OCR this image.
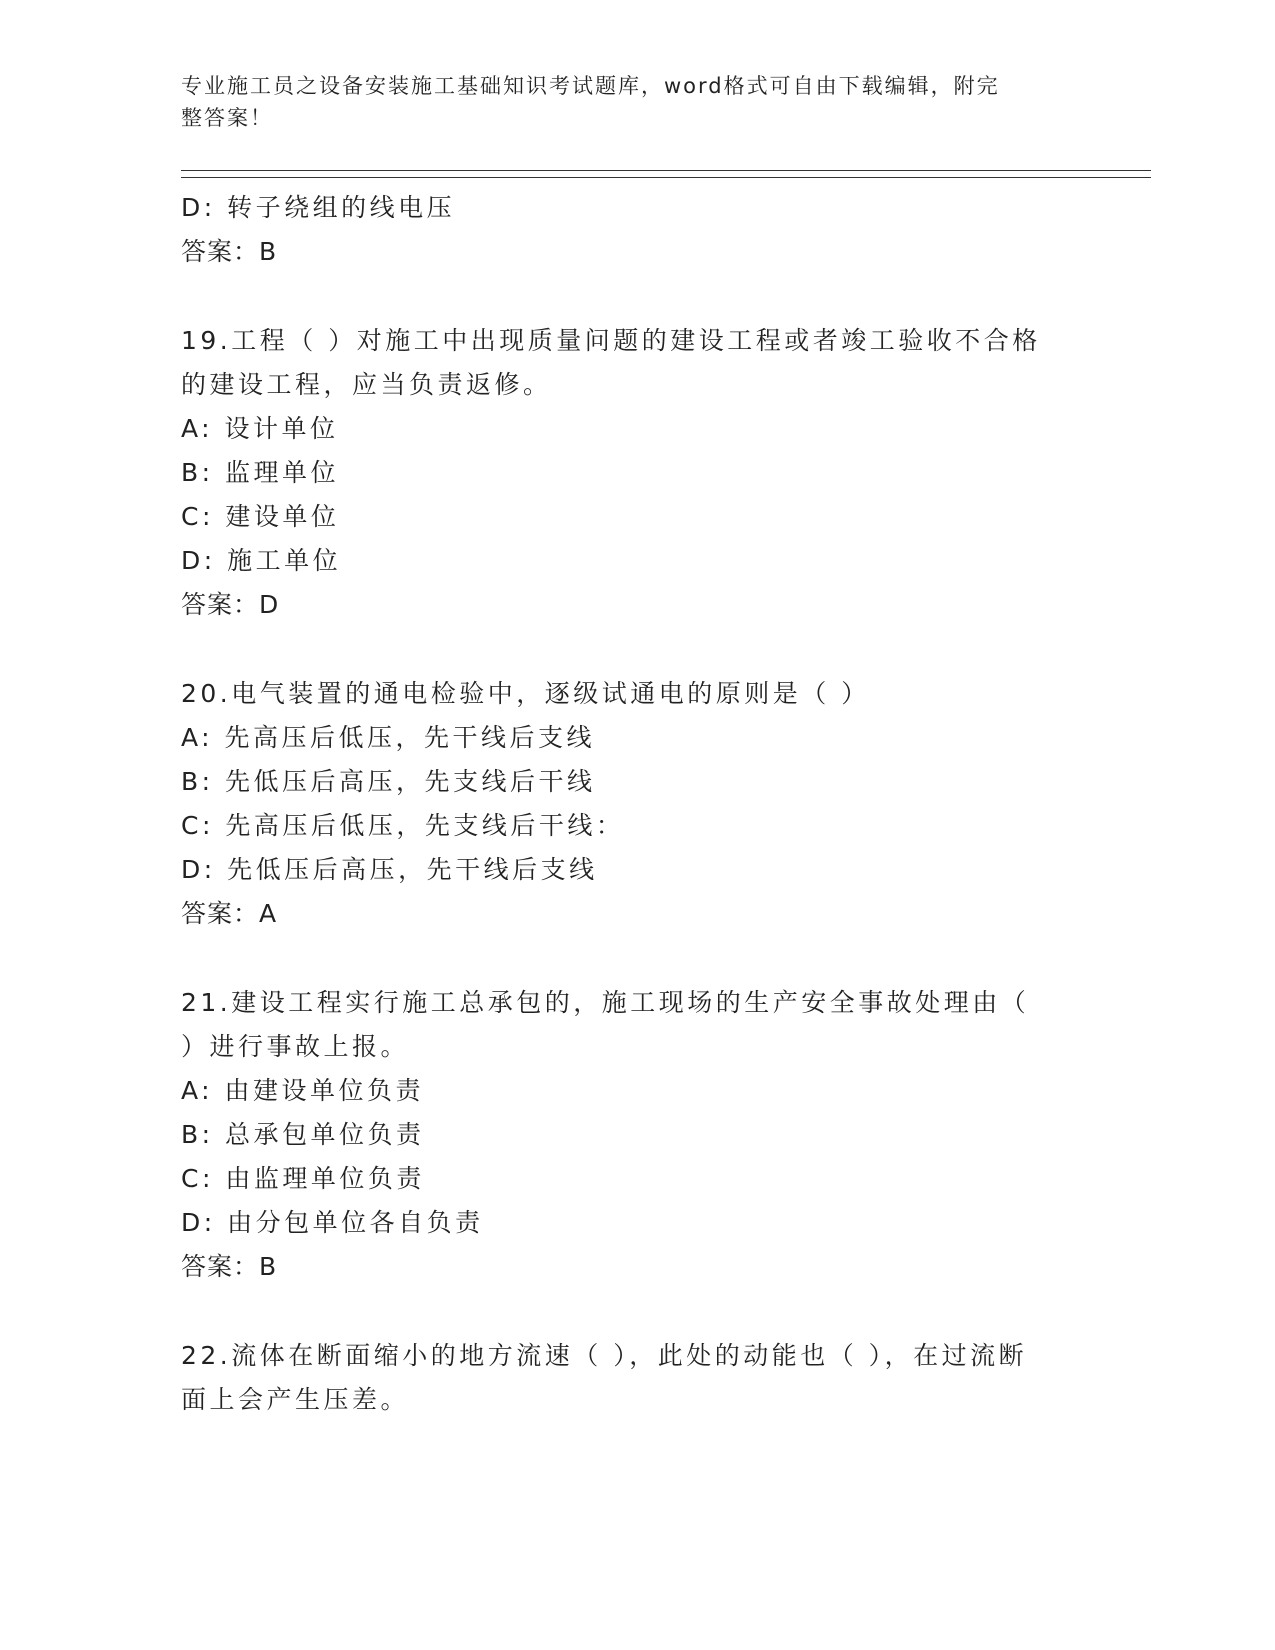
专业施工员之设备安装施工基础知识考试题库，word格式可自由下载编辑，附完
整答案！
D: 转子绕组的线电压
答案：B
19.工程（ ）对施工中出现质量问题的建设工程或者竣工验收不合格
的建设工程，应当负责返修。
A: 设计单位
B: 监理单位
C: 建设单位
D: 施工单位
答案：D
20.电气装置的通电检验中，逐级试通电的原则是（ ）
A: 先高压后低压，先干线后支线
B: 先低压后高压，先支线后干线
C: 先高压后低压，先支线后干线：
D: 先低压后高压，先干线后支线
答案：A
21.建设工程实行施工总承包的，施工现场的生产安全事故处理由（
）进行事故上报。
A: 由建设单位负责
B: 总承包单位负责
C: 由监理单位负责
D: 由分包单位各自负责
答案：B
22.流体在断面缩小的地方流速（ ），此处的动能也（ ），在过流断
面上会产生压差。
